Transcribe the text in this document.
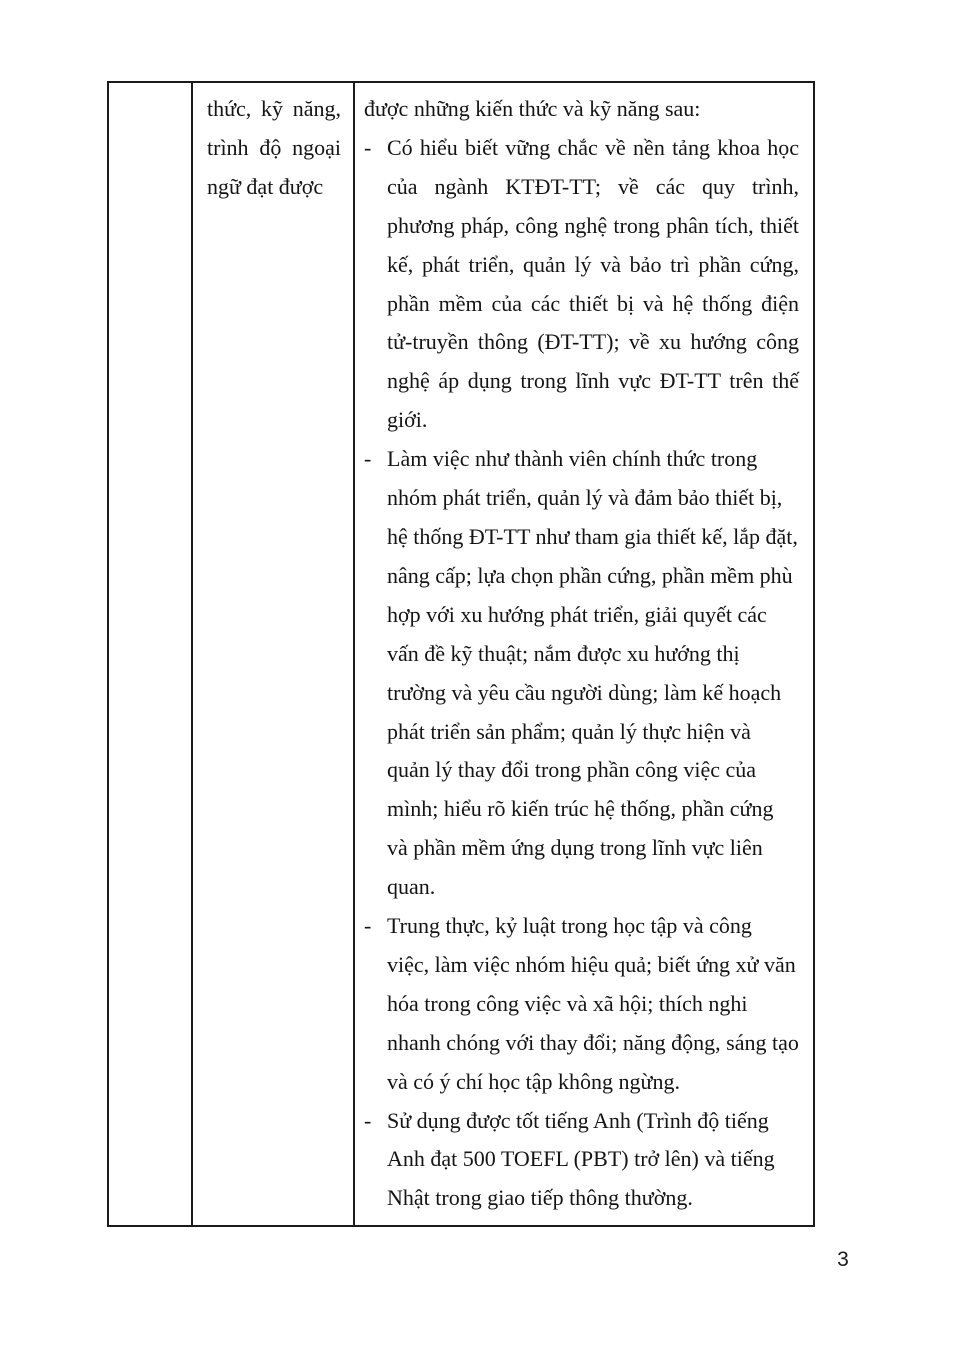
thức, kỹ năng, trình độ ngoại ngữ đạt được
được những kiến thức và kỹ năng sau:
- Có hiểu biết vững chắc về nền tảng khoa học của ngành KTĐT-TT; về các quy trình, phương pháp, công nghệ trong phân tích, thiết kế, phát triển, quản lý và bảo trì phần cứng, phần mềm của các thiết bị và hệ thống điện tử-truyền thông (ĐT-TT); về xu hướng công nghệ áp dụng trong lĩnh vực ĐT-TT trên thế giới.
- Làm việc như thành viên chính thức trong nhóm phát triển, quản lý và đảm bảo thiết bị, hệ thống ĐT-TT như tham gia thiết kế, lắp đặt, nâng cấp; lựa chọn phần cứng, phần mềm phù hợp với xu hướng phát triển, giải quyết các vấn đề kỹ thuật; nắm được xu hướng thị trường và yêu cầu người dùng; làm kế hoạch phát triển sản phẩm; quản lý thực hiện và quản lý thay đổi trong phần công việc của mình; hiểu rõ kiến trúc hệ thống, phần cứng và phần mềm ứng dụng trong lĩnh vực liên quan.
- Trung thực, kỷ luật trong học tập và công việc, làm việc nhóm hiệu quả; biết ứng xử văn hóa trong công việc và xã hội; thích nghi nhanh chóng với thay đổi; năng động, sáng tạo và có ý chí học tập không ngừng.
- Sử dụng được tốt tiếng Anh (Trình độ tiếng Anh đạt 500 TOEFL (PBT) trở lên) và tiếng Nhật trong giao tiếp thông thường.
3
